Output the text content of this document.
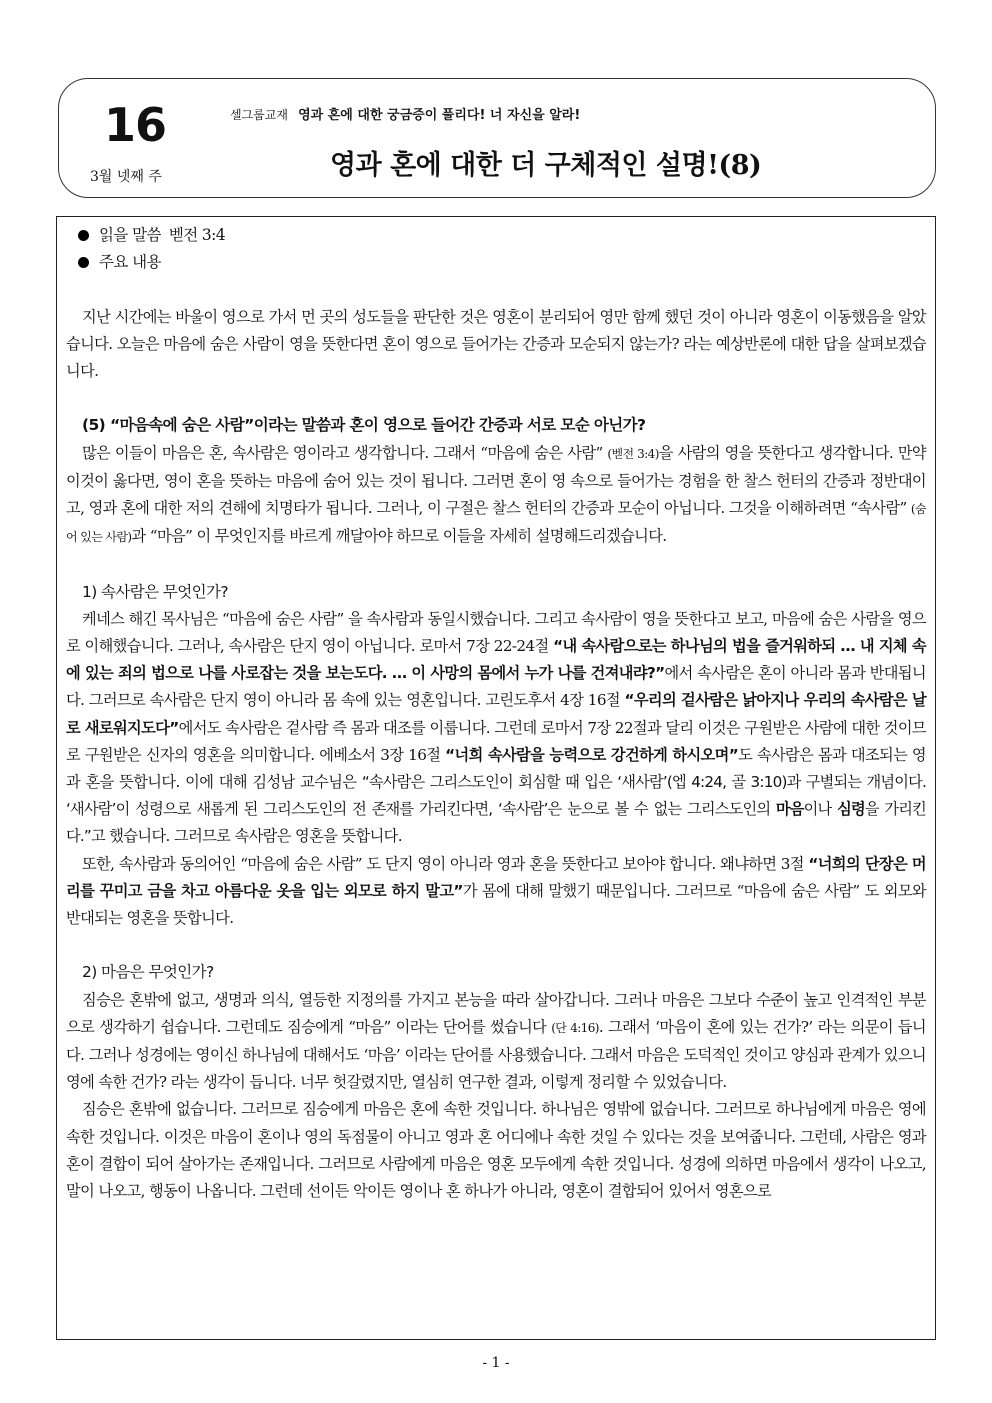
16
3월 넷째 주
셀그룹교재 영과 혼에 대한 궁금증이 풀리다! 너 자신을 알라!
영과 혼에 대한 더 구체적인 설명!(8)
읽을 말씀 벧전 3:4
주요 내용

지난 시간에는 바울이 영으로 가서 먼 곳의 성도들을 판단한 것은 영혼이 분리되어 영만 함께 했던 것이 아니라 영혼이 이동했음을 알았습니다. 오늘은 마음에 숨은 사람이 영을 뜻한다면 혼이 영으로 들어가는 간증과 모순되지 않는가? 라는 예상반론에 대한 답을 살펴보겠습니다.

(5) “마음속에 숨은 사람”이라는 말씀과 혼이 영으로 들어간 간증과 서로 모순 아닌가?

많은 이들이 마음은 혼, 속사람은 영이라고 생각합니다. 그래서 “마음에 숨은 사람” (벧전 3:4)을 사람의 영을 뜻한다고 생각합니다. 만약 이것이 옳다면, 영이 혼을 뜻하는 마음에 숨어 있는 것이 됩니다. 그러면 혼이 영 속으로 들어가는 경험을 한 찰스 헌터의 간증과 정반대이고, 영과 혼에 대한 저의 견해에 치명타가 됩니다. 그러나, 이 구절은 찰스 헌터의 간증과 모순이 아닙니다. 그것을 이해하려면 “속사람” (숨어 있는 사람)과 “마음” 이 무엇인지를 바르게 깨달아야 하므로 이들을 자세히 설명해드리겠습니다.

1) 속사람은 무엇인가?

케네스 해긴 목사님은 “마음에 숨은 사람” 을 속사람과 동일시했습니다. 그리고 속사람이 영을 뜻한다고 보고, 마음에 숨은 사람을 영으로 이해했습니다. 그러나, 속사람은 단지 영이 아닙니다. 로마서 7장 22-24절 “내 속사람으로는 하나님의 법을 즐거워하되 … 내 지체 속에 있는 죄의 법으로 나를 사로잡는 것을 보는도다. … 이 사망의 몸에서 누가 나를 건져내랴?”에서 속사람은 혼이 아니라 몸과 반대됩니다. 그러므로 속사람은 단지 영이 아니라 몸 속에 있는 영혼입니다. 고린도후서 4장 16절 “우리의 겉사람은 낡아지나 우리의 속사람은 날로 새로워지도다”에서도 속사람은 겉사람 즉 몸과 대조를 이룹니다. 그런데 로마서 7장 22절과 달리 이것은 구원받은 사람에 대한 것이므로 구원받은 신자의 영혼을 의미합니다. 에베소서 3장 16절 “너희 속사람을 능력으로 강건하게 하시오며”도 속사람은 몸과 대조되는 영과 혼을 뜻합니다. 이에 대해 김성남 교수님은 “속사람은 그리스도인이 회심할 때 입은 ‘새사람’(엡 4:24, 골 3:10)과 구별되는 개념이다. ‘새사람’이 성령으로 새롭게 된 그리스도인의 전 존재를 가리킨다면, ‘속사람’은 눈으로 볼 수 없는 그리스도인의 마음이나 심령을 가리킨다.”고 했습니다. 그러므로 속사람은 영혼을 뜻합니다.

또한, 속사람과 동의어인 “마음에 숨은 사람” 도 단지 영이 아니라 영과 혼을 뜻한다고 보아야 합니다. 왜냐하면 3절 “너희의 단장은 머리를 꾸미고 금을 차고 아름다운 옷을 입는 외모로 하지 말고”가 몸에 대해 말했기 때문입니다. 그러므로 “마음에 숨은 사람” 도 외모와 반대되는 영혼을 뜻합니다.

2) 마음은 무엇인가?

짐승은 혼밖에 없고, 생명과 의식, 열등한 지정의를 가지고 본능을 따라 살아갑니다. 그러나 마음은 그보다 수준이 높고 인격적인 부분으로 생각하기 쉽습니다. 그런데도 짐승에게 “마음” 이라는 단어를 썼습니다 (단 4:16). 그래서 ‘마음이 혼에 있는 건가?’ 라는 의문이 듭니다. 그러나 성경에는 영이신 하나님에 대해서도 ‘마음’ 이라는 단어를 사용했습니다. 그래서 마음은 도덕적인 것이고 양심과 관계가 있으니 영에 속한 건가? 라는 생각이 듭니다. 너무 헛갈렸지만, 열심히 연구한 결과, 이렇게 정리할 수 있었습니다.

짐승은 혼밖에 없습니다. 그러므로 짐승에게 마음은 혼에 속한 것입니다. 하나님은 영밖에 없습니다. 그러므로 하나님에게 마음은 영에 속한 것입니다. 이것은 마음이 혼이나 영의 독점물이 아니고 영과 혼 어디에나 속한 것일 수 있다는 것을 보여줍니다. 그런데, 사람은 영과 혼이 결합이 되어 살아가는 존재입니다. 그러므로 사람에게 마음은 영혼 모두에게 속한 것입니다. 성경에 의하면 마음에서 생각이 나오고, 말이 나오고, 행동이 나옵니다. 그런데 선이든 악이든 영이나 혼 하나가 아니라, 영혼이 결합되어 있어서 영혼으로

- 1 -
